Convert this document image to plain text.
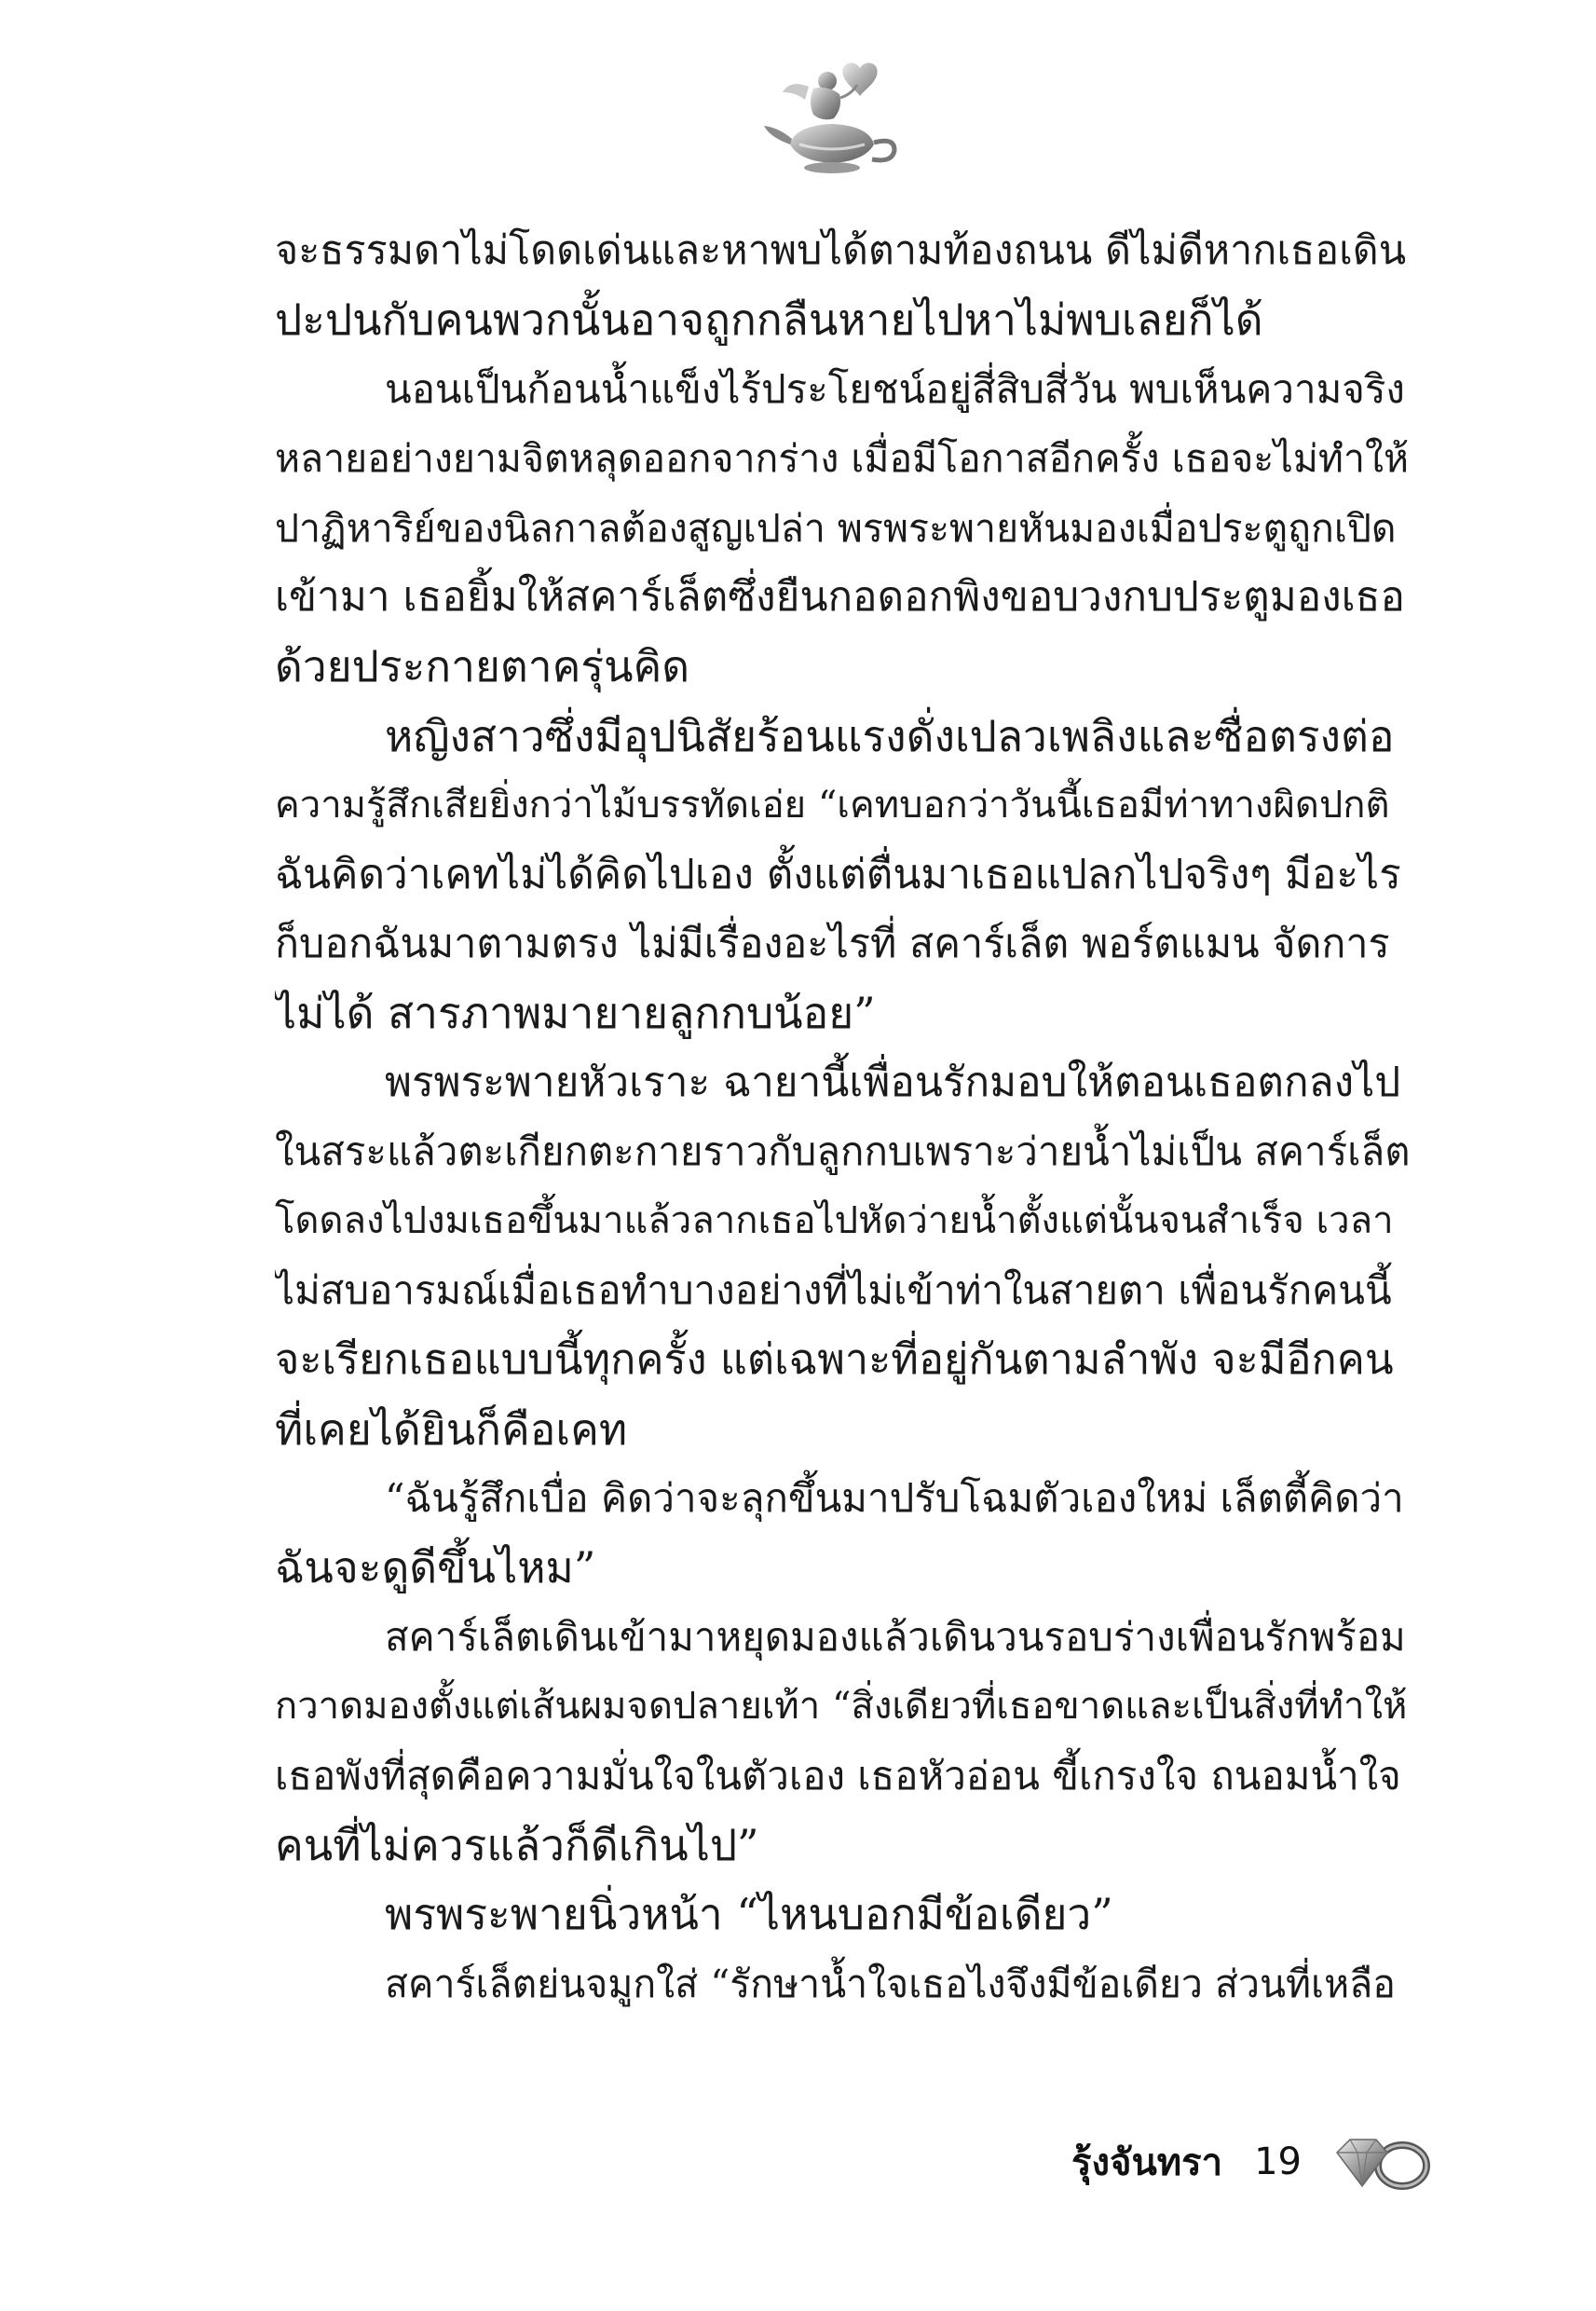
จะธรรมดาไม่โดดเด่นและหาพบได้ตามท้องถนน ดีไม่ดีหากเธอเดิน
ปะปนกับคนพวกนั้นอาจถูกกลืนหายไปหาไม่พบเลยก็ได้
นอนเป็นก้อนน้ำแข็งไร้ประโยชน์อยู่สี่สิบสี่วัน พบเห็นความจริง
หลายอย่างยามจิตหลุดออกจากร่าง เมื่อมีโอกาสอีกครั้ง เธอจะไม่ทำให้
ปาฏิหาริย์ของนิลกาลต้องสูญเปล่า พรพระพายหันมองเมื่อประตูถูกเปิด
เข้ามา เธอยิ้มให้สคาร์เล็ตซึ่งยืนกอดอกพิงขอบวงกบประตูมองเธอ
ด้วยประกายตาครุ่นคิด
หญิงสาวซึ่งมีอุปนิสัยร้อนแรงดั่งเปลวเพลิงและซื่อตรงต่อ
ความรู้สึกเสียยิ่งกว่าไม้บรรทัดเอ่ย “เคทบอกว่าวันนี้เธอมีท่าทางผิดปกติ
ฉันคิดว่าเคทไม่ได้คิดไปเอง ตั้งแต่ตื่นมาเธอแปลกไปจริงๆ มีอะไร
ก็บอกฉันมาตามตรง ไม่มีเรื่องอะไรที่ สคาร์เล็ต พอร์ตแมน จัดการ
ไม่ได้ สารภาพมายายลูกกบน้อย”
พรพระพายหัวเราะ ฉายานี้เพื่อนรักมอบให้ตอนเธอตกลงไป
ในสระแล้วตะเกียกตะกายราวกับลูกกบเพราะว่ายน้ำไม่เป็น สคาร์เล็ต
โดดลงไปงมเธอขึ้นมาแล้วลากเธอไปหัดว่ายน้ำตั้งแต่นั้นจนสำเร็จ เวลา
ไม่สบอารมณ์เมื่อเธอทำบางอย่างที่ไม่เข้าท่าในสายตา เพื่อนรักคนนี้
จะเรียกเธอแบบนี้ทุกครั้ง แต่เฉพาะที่อยู่กันตามลำพัง จะมีอีกคน
ที่เคยได้ยินก็คือเคท
“ฉันรู้สึกเบื่อ คิดว่าจะลุกขึ้นมาปรับโฉมตัวเองใหม่ เล็ตตี้คิดว่า
ฉันจะดูดีขึ้นไหม”
สคาร์เล็ตเดินเข้ามาหยุดมองแล้วเดินวนรอบร่างเพื่อนรักพร้อม
กวาดมองตั้งแต่เส้นผมจดปลายเท้า “สิ่งเดียวที่เธอขาดและเป็นสิ่งที่ทำให้
เธอพังที่สุดคือความมั่นใจในตัวเอง เธอหัวอ่อน ขี้เกรงใจ ถนอมน้ำใจ
คนที่ไม่ควรแล้วก็ดีเกินไป”
พรพระพายนิ่วหน้า “ไหนบอกมีข้อเดียว”
สคาร์เล็ตย่นจมูกใส่ “รักษาน้ำใจเธอไงจึงมีข้อเดียว ส่วนที่เหลือ
รุ้งจันทรา 19
